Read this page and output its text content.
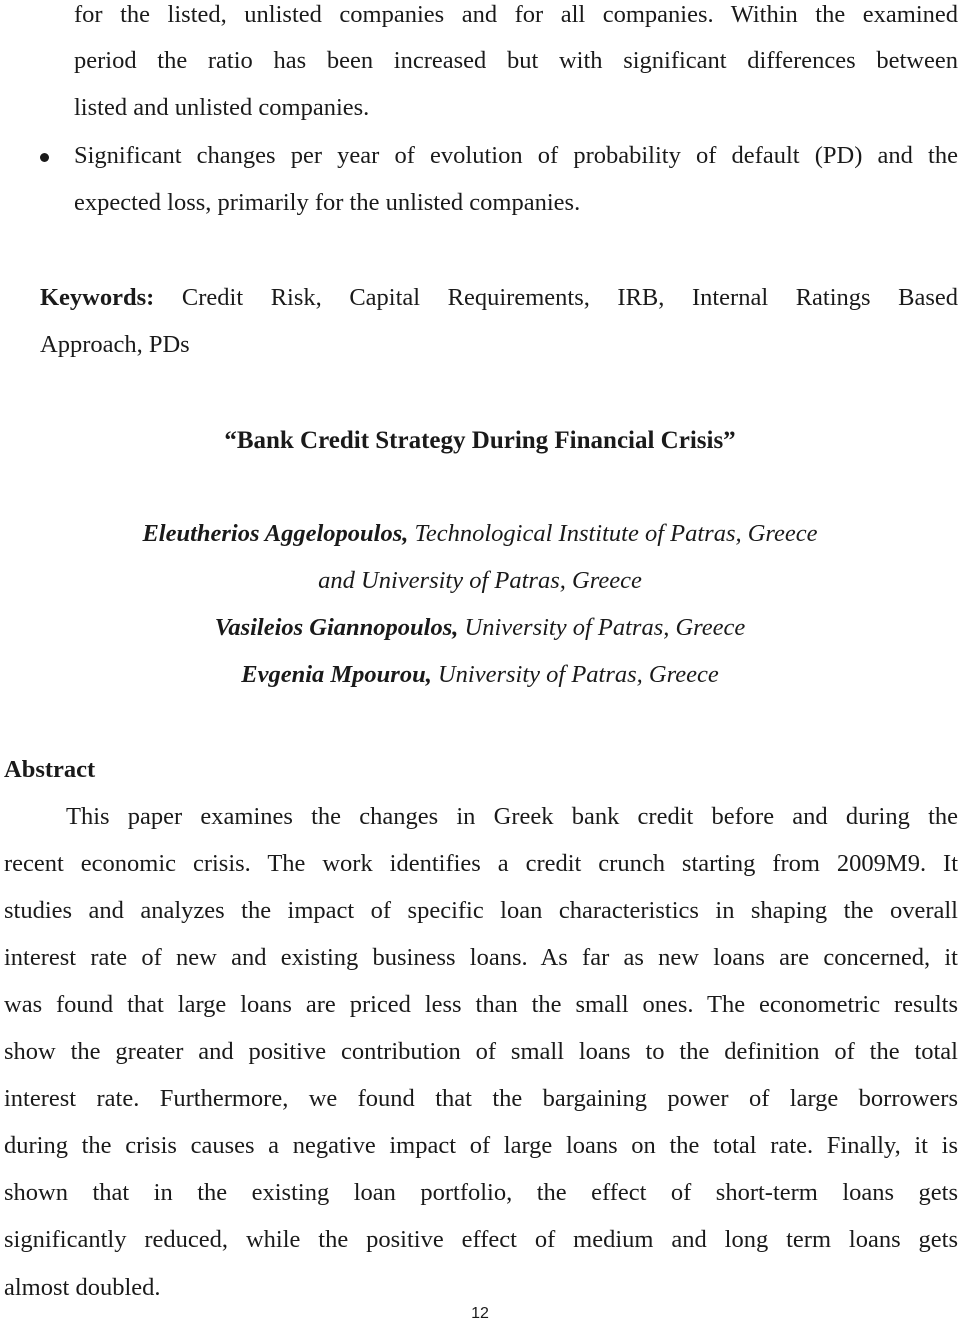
for the listed, unlisted companies and for all companies. Within the examined
period the ratio has been increased but with significant differences between
listed and unlisted companies.
Significant changes per year of evolution of probability of default (PD) and the
expected loss, primarily for the unlisted companies.
Keywords: Credit Risk, Capital Requirements, IRB, Internal Ratings Based
Approach, PDs
“Bank Credit Strategy During Financial Crisis”
Eleutherios Aggelopoulos, Technological Institute of Patras, Greece
and University of Patras, Greece
Vasileios Giannopoulos, University of Patras, Greece
Evgenia Mpourou, University of Patras, Greece
Abstract
This paper examines the changes in Greek bank credit before and during the
recent economic crisis. The work identifies a credit crunch starting from 2009M9. It
studies and analyzes the impact of specific loan characteristics in shaping the overall
interest rate of new and existing business loans. As far as new loans are concerned, it
was found that large loans are priced less than the small ones. The econometric results
show the greater and positive contribution of small loans to the definition of the total
interest rate. Furthermore, we found that the bargaining power of large borrowers
during the crisis causes a negative impact of large loans on the total rate. Finally, it is
shown that in the existing loan portfolio, the effect of short-term loans gets
significantly reduced, while the positive effect of medium and long term loans gets
almost doubled.
12
